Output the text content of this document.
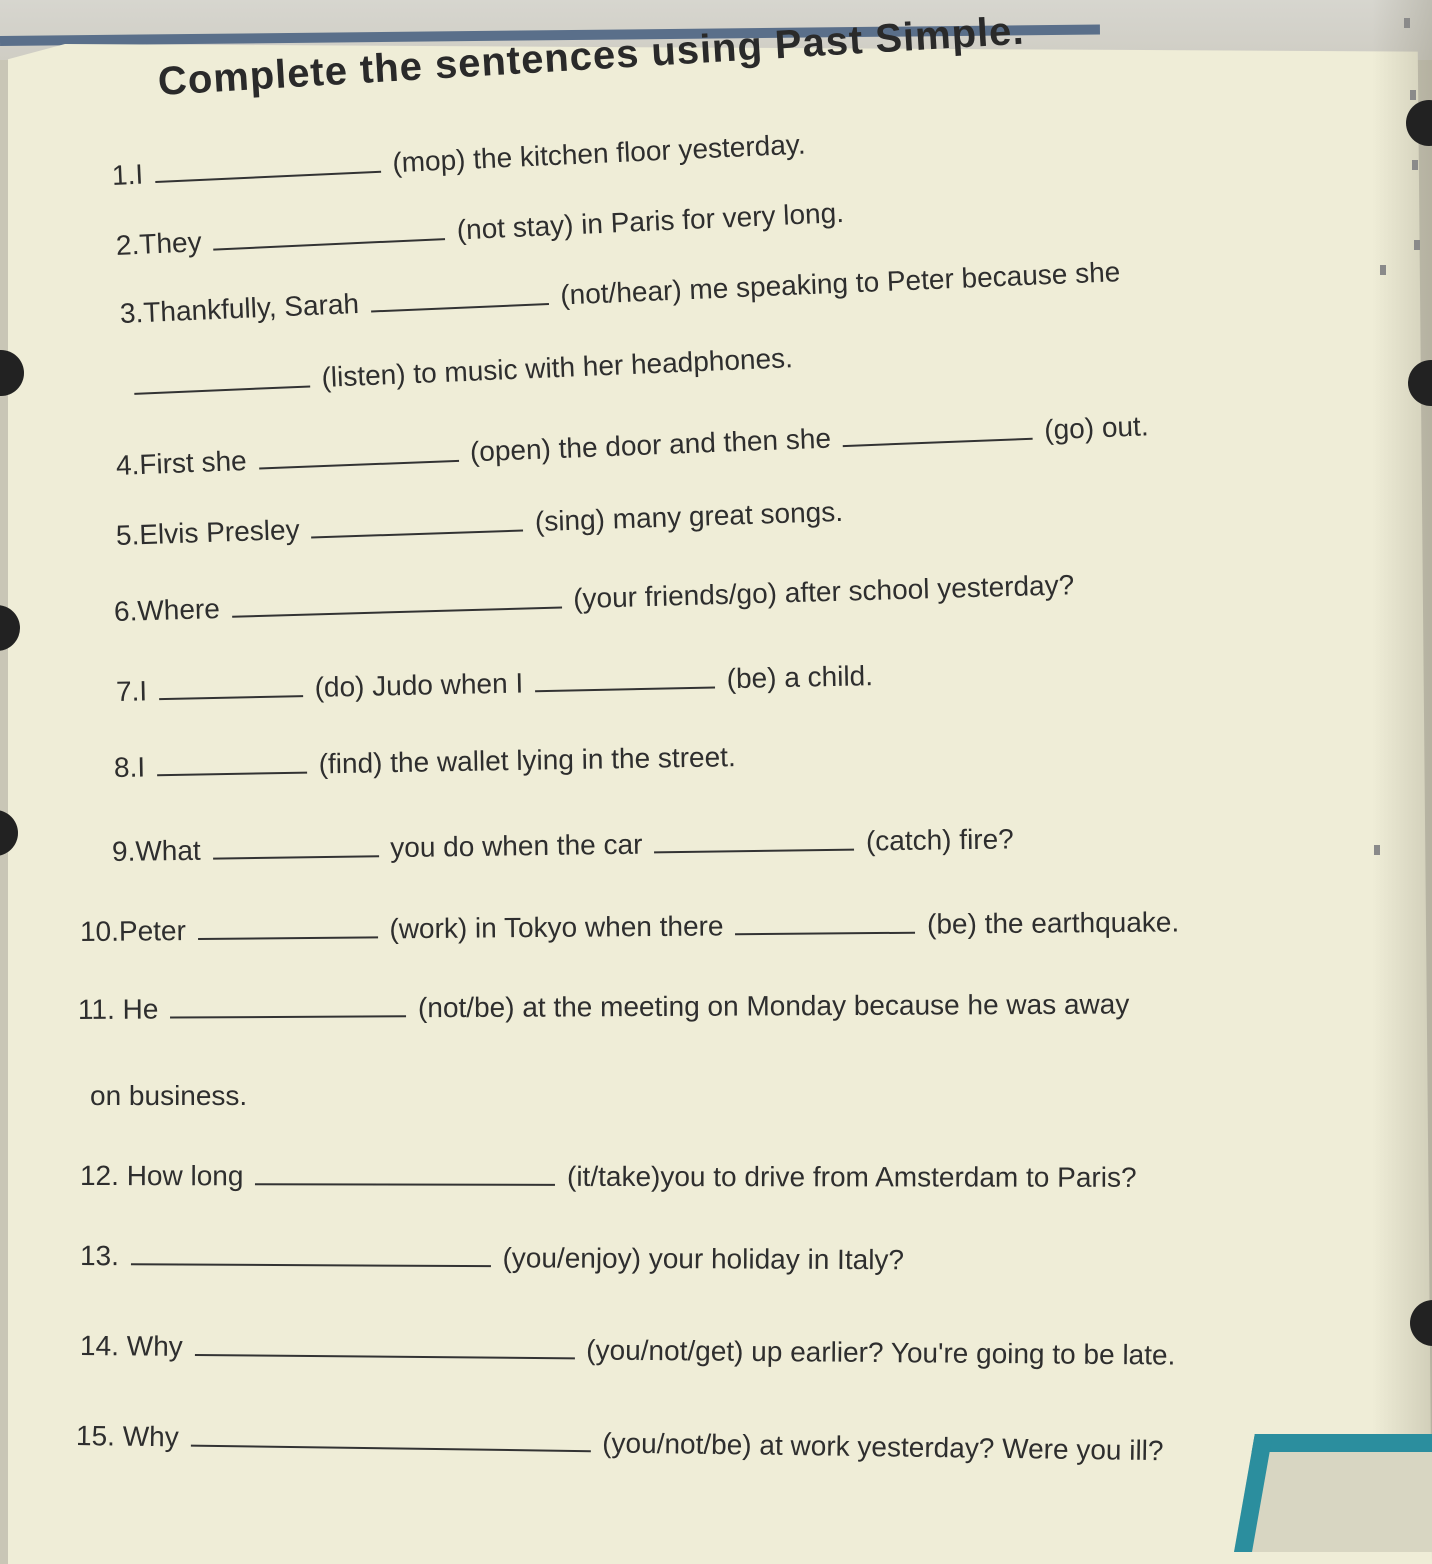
Complete the sentences using Past Simple.
1.I	(mop) the kitchen floor yesterday.
2.They	(not stay) in Paris for very long.
3.Thankfully, Sarah	(not/hear) me speaking to Peter because she
(listen) to music with her headphones.
4.First she	(open) the door and then she	(go) out.
5.Elvis Presley	(sing) many great songs.
6.Where	(your friends/go) after school yesterday?
7.I	(do) Judo when I	(be) a child.
8.I	(find) the wallet lying in the street.
9.What	you do when the car	(catch) fire?
10.Peter	(work) in Tokyo when there	(be) the earthquake.
11. He	(not/be) at the meeting on Monday because he was away
on business.
12. How long	(it/take)you to drive from Amsterdam to Paris?
13.	(you/enjoy) your holiday in Italy?
14. Why	(you/not/get) up earlier? You're going to be late.
15. Why	(you/not/be) at work yesterday? Were you ill?
